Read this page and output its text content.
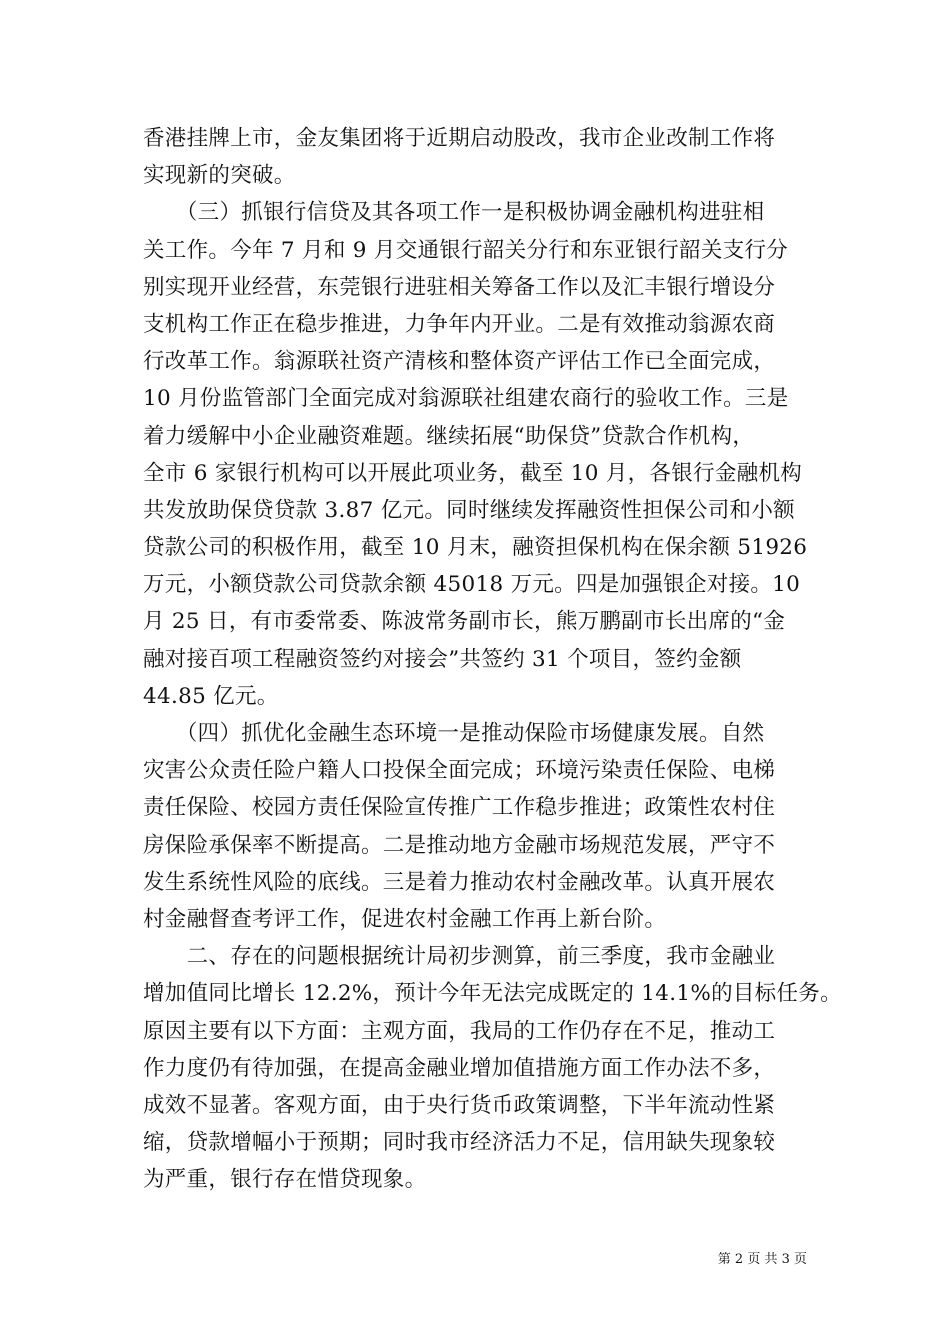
香港挂牌上市，金友集团将于近期启动股改，我市企业改制工作将
实现新的突破。
　　（三）抓银行信贷及其各项工作一是积极协调金融机构进驻相
关工作。今年 7 月和 9 月交通银行韶关分行和东亚银行韶关支行分
别实现开业经营，东莞银行进驻相关筹备工作以及汇丰银行增设分
支机构工作正在稳步推进，力争年内开业。二是有效推动翁源农商
行改革工作。翁源联社资产清核和整体资产评估工作已全面完成，
10 月份监管部门全面完成对翁源联社组建农商行的验收工作。三是
着力缓解中小企业融资难题。继续拓展“助保贷”贷款合作机构，
全市 6 家银行机构可以开展此项业务，截至 10 月，各银行金融机构
共发放助保贷贷款 3.87 亿元。同时继续发挥融资性担保公司和小额
贷款公司的积极作用，截至 10 月末，融资担保机构在保余额 51926
万元，小额贷款公司贷款余额 45018 万元。四是加强银企对接。10
月 25 日，有市委常委、陈波常务副市长，熊万鹏副市长出席的“金
融对接百项工程融资签约对接会”共签约 31 个项目，签约金额
44.85 亿元。
　　（四）抓优化金融生态环境一是推动保险市场健康发展。自然
灾害公众责任险户籍人口投保全面完成；环境污染责任保险、电梯
责任保险、校园方责任保险宣传推广工作稳步推进；政策性农村住
房保险承保率不断提高。二是推动地方金融市场规范发展，严守不
发生系统性风险的底线。三是着力推动农村金融改革。认真开展农
村金融督查考评工作，促进农村金融工作再上新台阶。
　　二、存在的问题根据统计局初步测算，前三季度，我市金融业
增加值同比增长 12.2%，预计今年无法完成既定的 14.1%的目标任务。
原因主要有以下方面：主观方面，我局的工作仍存在不足，推动工
作力度仍有待加强，在提高金融业增加值措施方面工作办法不多，
成效不显著。客观方面，由于央行货币政策调整，下半年流动性紧
缩，贷款增幅小于预期；同时我市经济活力不足，信用缺失现象较
为严重，银行存在惜贷现象。
第 2 页 共 3 页
